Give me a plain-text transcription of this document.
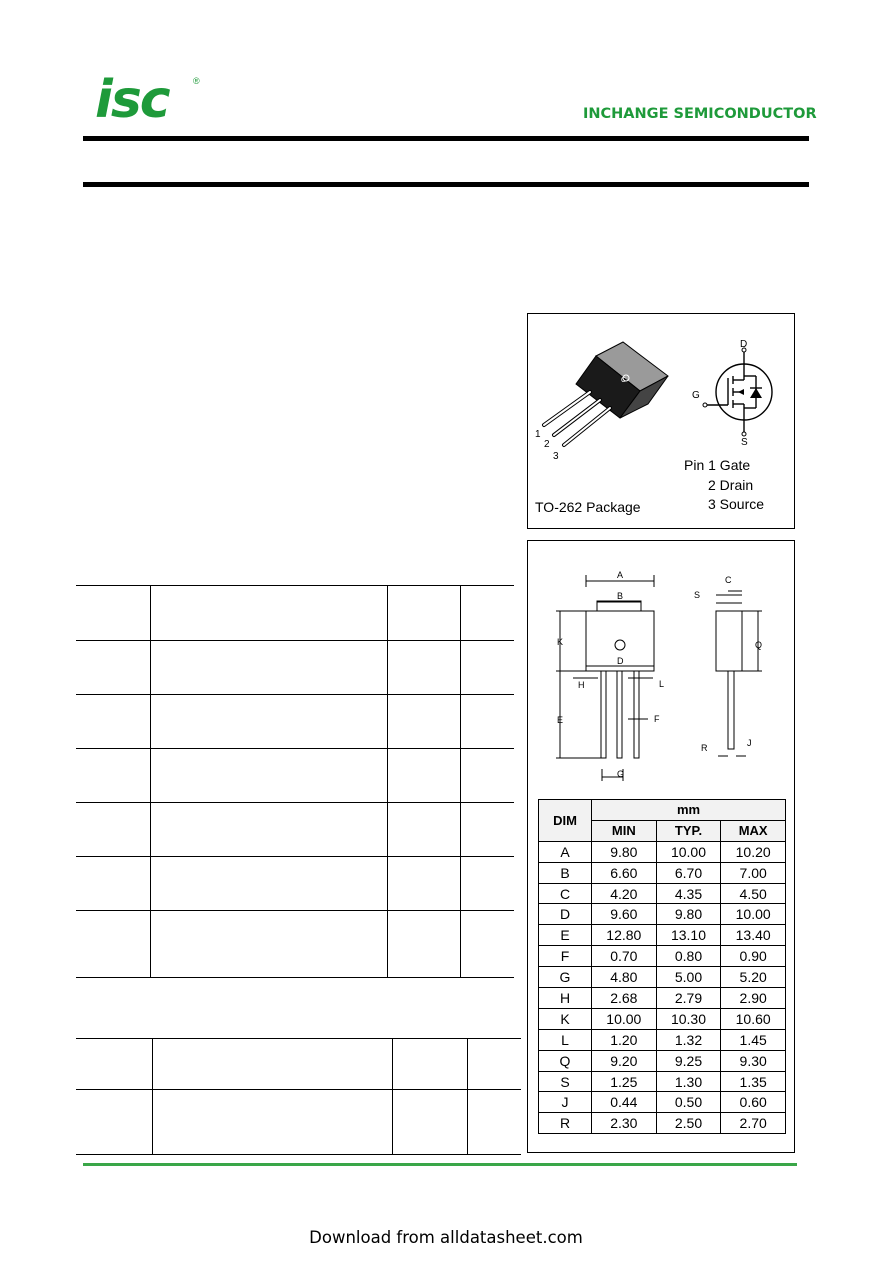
isc	®
INCHANGE SEMICONDUCTOR
C
1
2
3
D
G
S
Pin 1 Gate
2 Drain
3 Source
TO-262 Package
A
B
C
S
K	Q
D
H	L
E	F
R	J
G
DIM	mm		
	MIN	TYP.	MAX
A	9.80	10.00	10.20
B	6.60	6.70	7.00
C	4.20	4.35	4.50
D	9.60	9.80	10.00
E	12.80	13.10	13.40
F	0.70	0.80	0.90
G	4.80	5.00	5.20
H	2.68	2.79	2.90
K	10.00	10.30	10.60
L	1.20	1.32	1.45
Q	9.20	9.25	9.30
S	1.25	1.30	1.35
J	0.44	0.50	0.60
R	2.30	2.50	2.70
Download from alldatasheet.com
